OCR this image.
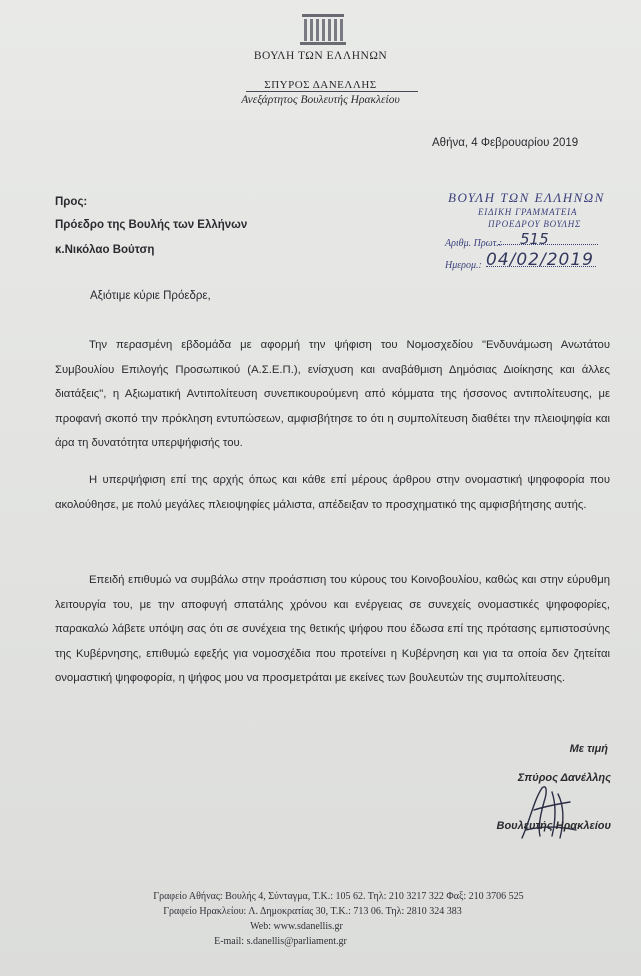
ΒΟΥΛΗ ΤΩΝ ΕΛΛΗΝΩΝ
ΣΠΥΡΟΣ ΔΑΝΕΛΛΗΣ
Ανεξάρτητος Βουλευτής Ηρακλείου
Αθήνα, 4 Φεβρουαρίου 2019
Προς:
Πρόεδρο της Βουλής των Ελλήνων
κ.Νικόλαο Βούτση
ΒΟΥΛΗ ΤΩΝ ΕΛΛΗΝΩΝ
ΕΙΔΙΚΗ ΓΡΑΜΜΑΤΕΙΑ
ΠΡΟΕΔΡΟΥ ΒΟΥΛΗΣ
Αριθμ. Πρωτ.: 515
Ημερομ.: 04/02/2019
Αξιότιμε κύριε Πρόεδρε,
Την περασμένη εβδομάδα με αφορμή την ψήφιση του Νομοσχεδίου "Ενδυνάμωση Ανωτάτου Συμβουλίου Επιλογής Προσωπικού (Α.Σ.Ε.Π.), ενίσχυση και αναβάθμιση Δημόσιας Διοίκησης και άλλες διατάξεις", η Αξιωματική Αντιπολίτευση συνεπικουρούμενη από κόμματα της ήσσονος αντιπολίτευσης, με προφανή σκοπό την πρόκληση εντυπώσεων, αμφισβήτησε το ότι η συμπολίτευση διαθέτει την πλειοψηφία και άρα τη δυνατότητα υπερψήφισής του.
Η υπερψήφιση επί της αρχής όπως και κάθε επί μέρους άρθρου στην ονομαστική ψηφοφορία που ακολούθησε, με πολύ μεγάλες πλειοψηφίες μάλιστα, απέδειξαν το προσχηματικό της αμφισβήτησης αυτής.
Επειδή επιθυμώ να συμβάλω στην προάσπιση του κύρους του Κοινοβουλίου, καθώς και στην εύρυθμη λειτουργία του, με την αποφυγή σπατάλης χρόνου και ενέργειας σε συνεχείς ονομαστικές ψηφοφορίες, παρακαλώ λάβετε υπόψη σας ότι σε συνέχεια της θετικής ψήφου που έδωσα επί της πρότασης εμπιστοσύνης της Κυβέρνησης, επιθυμώ εφεξής για νομοσχέδια που προτείνει η Κυβέρνηση και για τα οποία δεν ζητείται ονομαστική ψηφοφορία, η ψήφος μου να προσμετράται με εκείνες των βουλευτών της συμπολίτευσης.
Με τιμή
Σπύρος Δανέλλης
Βουλευτής Ηρακλείου
Γραφείο Αθήνας: Βουλής 4, Σύνταγμα, Τ.Κ.: 105 62. Τηλ: 210 3217 322 Φαξ: 210 3706 525
Γραφείο Ηρακλείου: Λ. Δημοκρατίας 30, Τ.Κ.: 713 06. Τηλ: 2810 324 383
Web: www.sdanellis.gr
E-mail: s.danellis@parliament.gr
